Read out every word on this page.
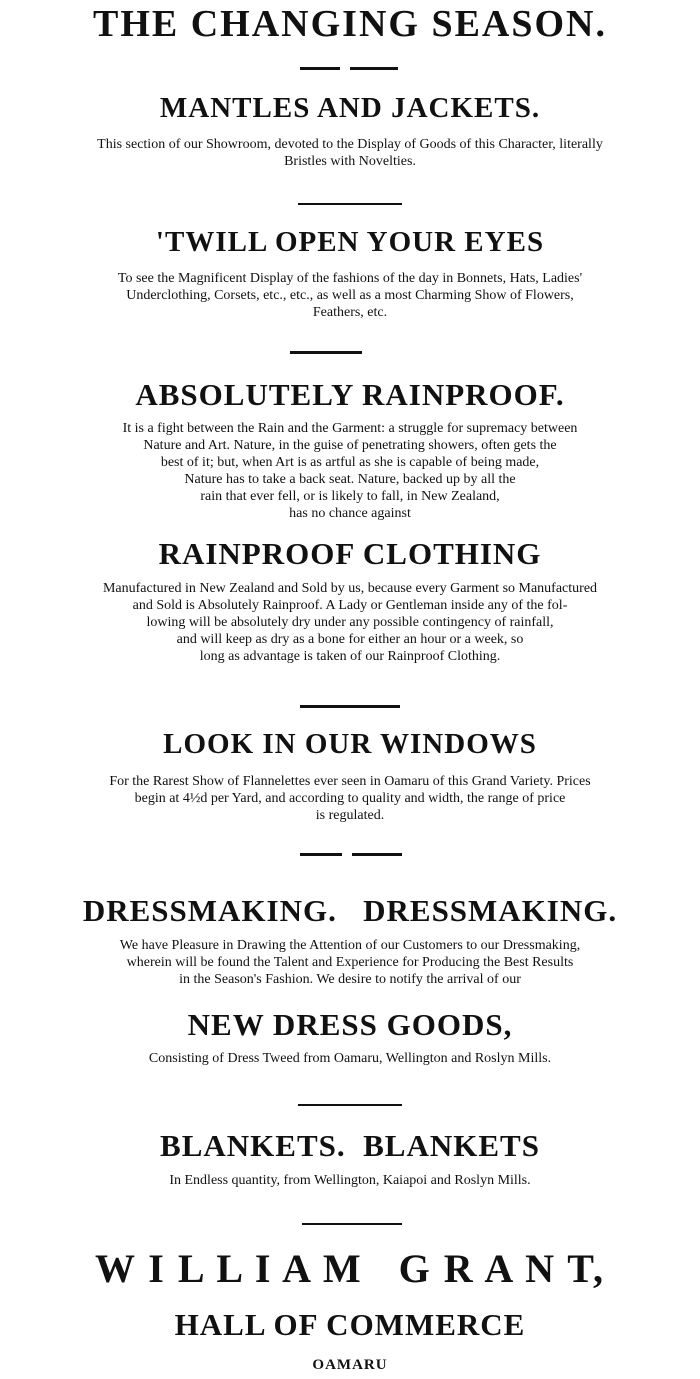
THE CHANGING SEASON.
MANTLES AND JACKETS.
This section of our Showroom, devoted to the Display of Goods of this Character, literally
Bristles with Novelties.
'TWILL OPEN YOUR EYES
To see the Magnificent Display of the fashions of the day in Bonnets, Hats, Ladies'
Underclothing, Corsets, etc., etc., as well as a most Charming Show of Flowers,
Feathers, etc.
ABSOLUTELY RAINPROOF.
It is a fight between the Rain and the Garment: a struggle for supremacy between
Nature and Art. Nature, in the guise of penetrating showers, often gets the
best of it; but, when Art is as artful as she is capable of being made,
Nature has to take a back seat. Nature, backed up by all the
rain that ever fell, or is likely to fall, in New Zealand,
has no chance against
RAINPROOF CLOTHING
Manufactured in New Zealand and Sold by us, because every Garment so Manufactured
and Sold is Absolutely Rainproof. A Lady or Gentleman inside any of the fol-
lowing will be absolutely dry under any possible contingency of rainfall,
and will keep as dry as a bone for either an hour or a week, so
long as advantage is taken of our Rainproof Clothing.
LOOK IN OUR WINDOWS
For the Rarest Show of Flannelettes ever seen in Oamaru of this Grand Variety. Prices
begin at 4½d per Yard, and according to quality and width, the range of price
is regulated.
DRESSMAKING.   DRESSMAKING.
We have Pleasure in Drawing the Attention of our Customers to our Dressmaking,
wherein will be found the Talent and Experience for Producing the Best Results
in the Season's Fashion. We desire to notify the arrival of our
NEW DRESS GOODS,
Consisting of Dress Tweed from Oamaru, Wellington and Roslyn Mills.
BLANKETS.  BLANKETS
In Endless quantity, from Wellington, Kaiapoi and Roslyn Mills.
W I L L I A M   G R A N T,
HALL OF COMMERCE
OAMARU
